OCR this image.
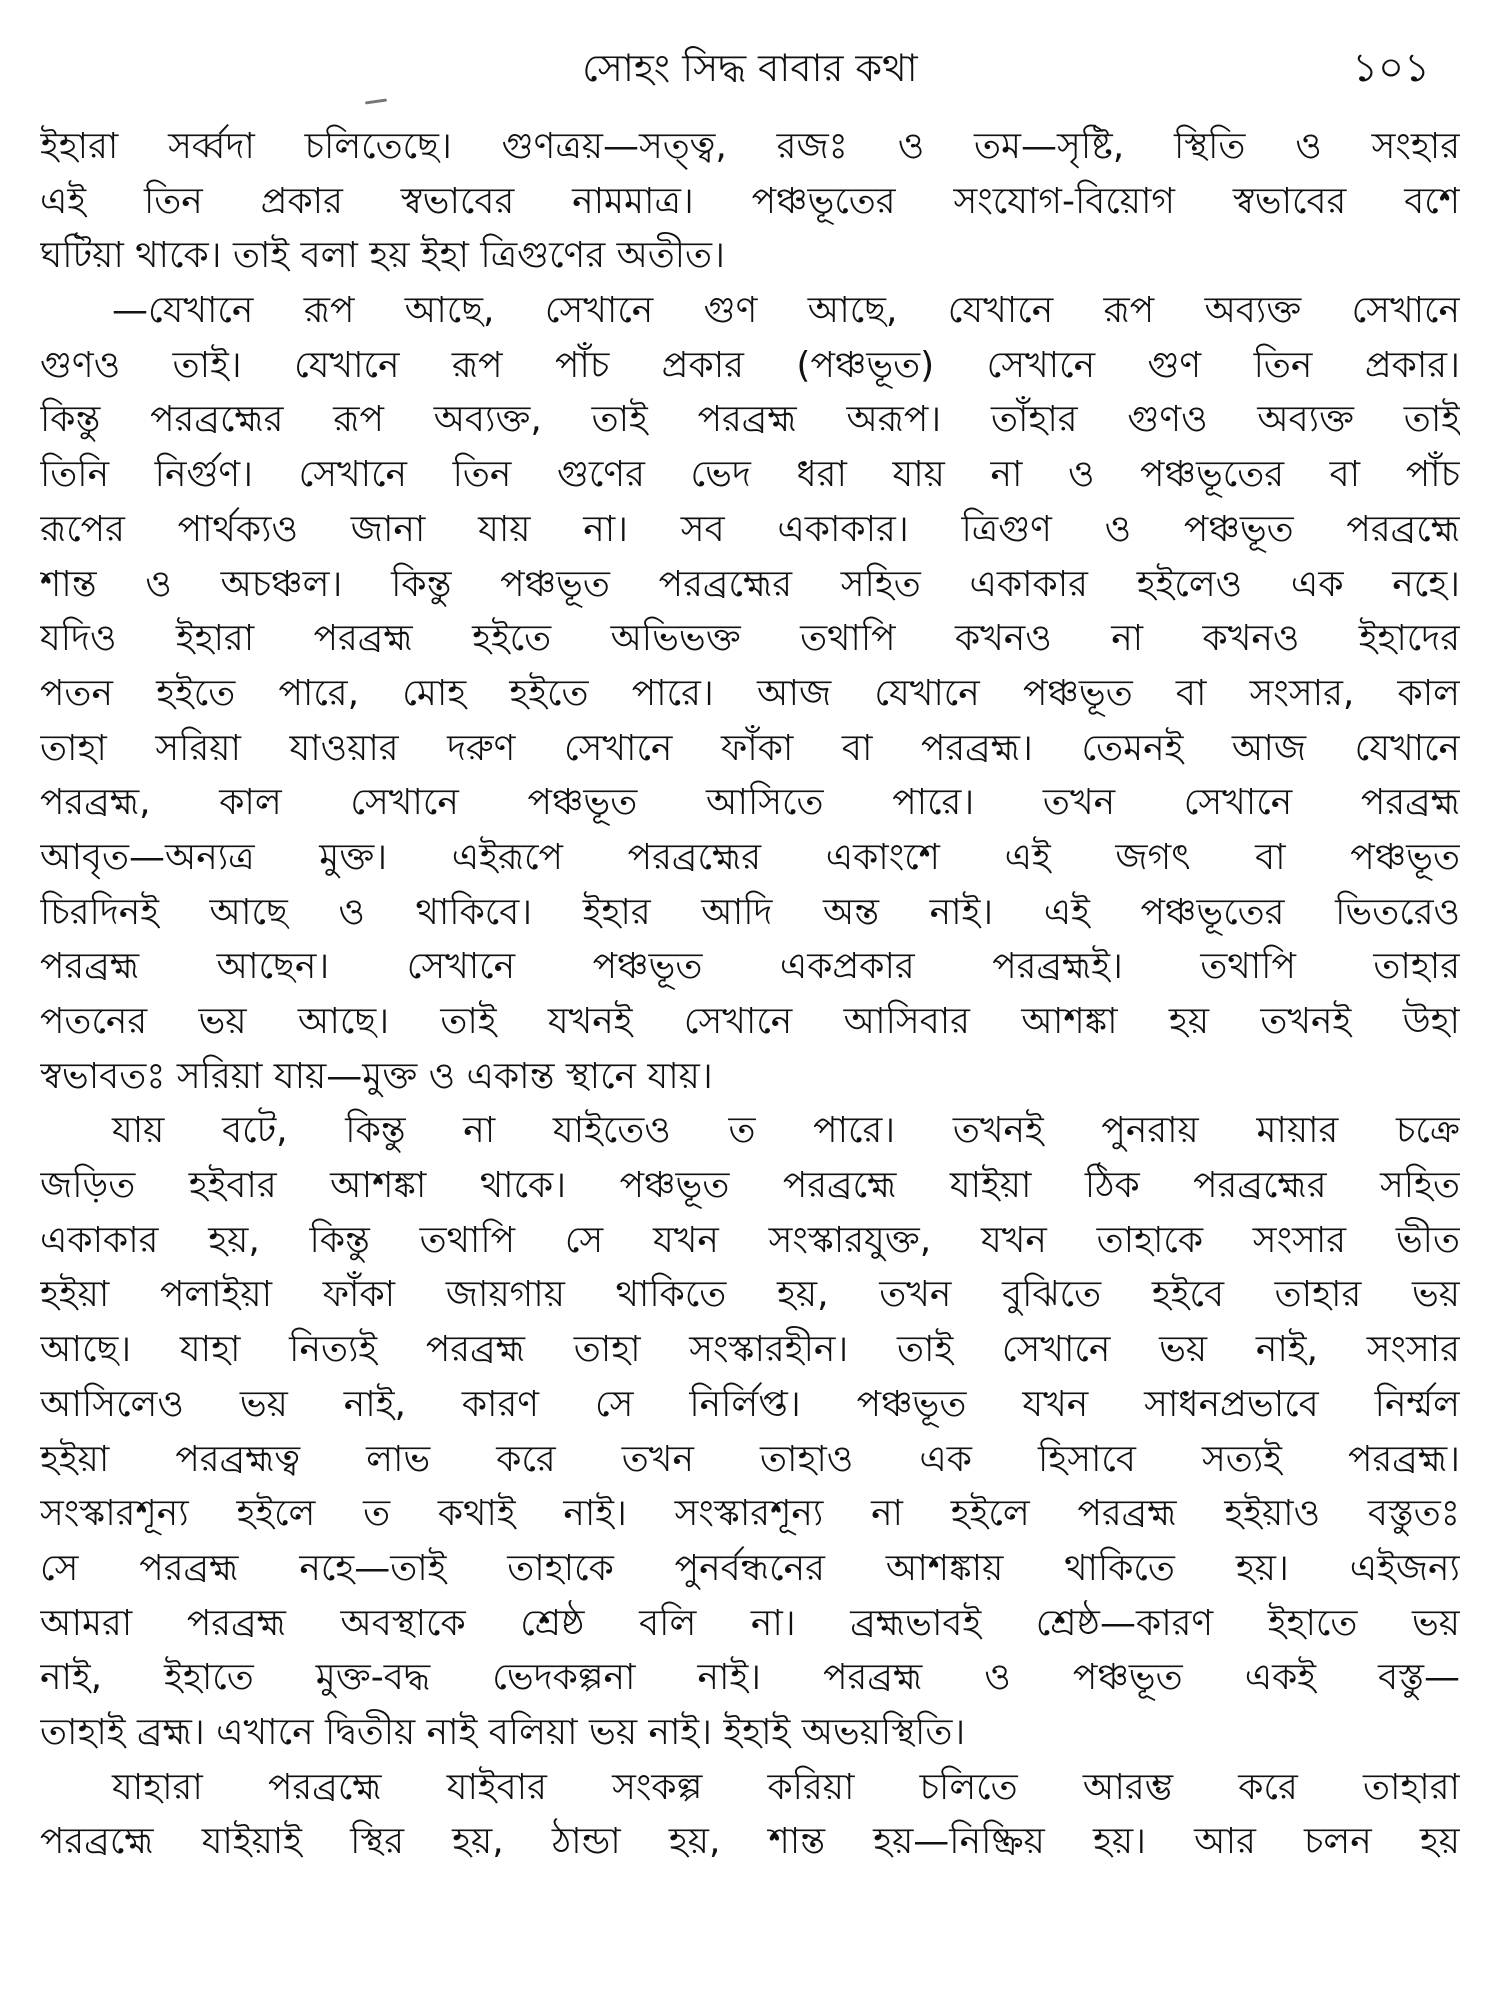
সোহং সিদ্ধ বাবার কথা	১০১
ইহারা সর্ব্বদা চলিতেছে। গুণত্রয়—সত্ত্ব, রজঃ ও তম—সৃষ্টি, স্থিতি ও সংহার
এই তিন প্রকার স্বভাবের নামমাত্র। পঞ্চভূতের সংযোগ-বিয়োগ স্বভাবের বশে
ঘটিয়া থাকে। তাই বলা হয় ইহা ত্রিগুণের অতীত।
—যেখানে রূপ আছে, সেখানে গুণ আছে, যেখানে রূপ অব্যক্ত সেখানে
গুণও তাই। যেখানে রূপ পাঁচ প্রকার (পঞ্চভূত) সেখানে গুণ তিন প্রকার।
কিন্তু পরব্রহ্মের রূপ অব্যক্ত, তাই পরব্রহ্ম অরূপ। তাঁহার গুণও অব্যক্ত তাই
তিনি নির্গুণ। সেখানে তিন গুণের ভেদ ধরা যায় না ও পঞ্চভূতের বা পাঁচ
রূপের পার্থক্যও জানা যায় না। সব একাকার। ত্রিগুণ ও পঞ্চভূত পরব্রহ্মে
শান্ত ও অচঞ্চল। কিন্তু পঞ্চভূত পরব্রহ্মের সহিত একাকার হইলেও এক নহে।
যদিও ইহারা পরব্রহ্ম হইতে অভিভক্ত তথাপি কখনও না কখনও ইহাদের
পতন হইতে পারে, মোহ হইতে পারে। আজ যেখানে পঞ্চভূত বা সংসার, কাল
তাহা সরিয়া যাওয়ার দরুণ সেখানে ফাঁকা বা পরব্রহ্ম। তেমনই আজ যেখানে
পরব্রহ্ম, কাল সেখানে পঞ্চভূত আসিতে পারে। তখন সেখানে পরব্রহ্ম
আবৃত—অন্যত্র মুক্ত। এইরূপে পরব্রহ্মের একাংশে এই জগৎ বা পঞ্চভূত
চিরদিনই আছে ও থাকিবে। ইহার আদি অন্ত নাই। এই পঞ্চভূতের ভিতরেও
পরব্রহ্ম আছেন। সেখানে পঞ্চভূত একপ্রকার পরব্রহ্মই। তথাপি তাহার
পতনের ভয় আছে। তাই যখনই সেখানে আসিবার আশঙ্কা হয় তখনই উহা
স্বভাবতঃ সরিয়া যায়—মুক্ত ও একান্ত স্থানে যায়।
যায় বটে, কিন্তু না যাইতেও ত পারে। তখনই পুনরায় মায়ার চক্রে
জড়িত হইবার আশঙ্কা থাকে। পঞ্চভূত পরব্রহ্মে যাইয়া ঠিক পরব্রহ্মের সহিত
একাকার হয়, কিন্তু তথাপি সে যখন সংস্কারযুক্ত, যখন তাহাকে সংসার ভীত
হইয়া পলাইয়া ফাঁকা জায়গায় থাকিতে হয়, তখন বুঝিতে হইবে তাহার ভয়
আছে। যাহা নিত্যই পরব্রহ্ম তাহা সংস্কারহীন। তাই সেখানে ভয় নাই, সংসার
আসিলেও ভয় নাই, কারণ সে নির্লিপ্ত। পঞ্চভূত যখন সাধনপ্রভাবে নির্ম্মল
হইয়া পরব্রহ্মত্ব লাভ করে তখন তাহাও এক হিসাবে সত্যই পরব্রহ্ম।
সংস্কারশূন্য হইলে ত কথাই নাই। সংস্কারশূন্য না হইলে পরব্রহ্ম হইয়াও বস্তুতঃ
সে পরব্রহ্ম নহে—তাই তাহাকে পুনর্বন্ধনের আশঙ্কায় থাকিতে হয়। এইজন্য
আমরা পরব্রহ্ম অবস্থাকে শ্রেষ্ঠ বলি না। ব্রহ্মভাবই শ্রেষ্ঠ—কারণ ইহাতে ভয়
নাই, ইহাতে মুক্ত-বদ্ধ ভেদকল্পনা নাই। পরব্রহ্ম ও পঞ্চভূত একই বস্তু—
তাহাই ব্রহ্ম। এখানে দ্বিতীয় নাই বলিয়া ভয় নাই। ইহাই অভয়স্থিতি।
যাহারা পরব্রহ্মে যাইবার সংকল্প করিয়া চলিতে আরম্ভ করে তাহারা
পরব্রহ্মে যাইয়াই স্থির হয়, ঠান্ডা হয়, শান্ত হয়—নিষ্ক্রিয় হয়। আর চলন হয়
